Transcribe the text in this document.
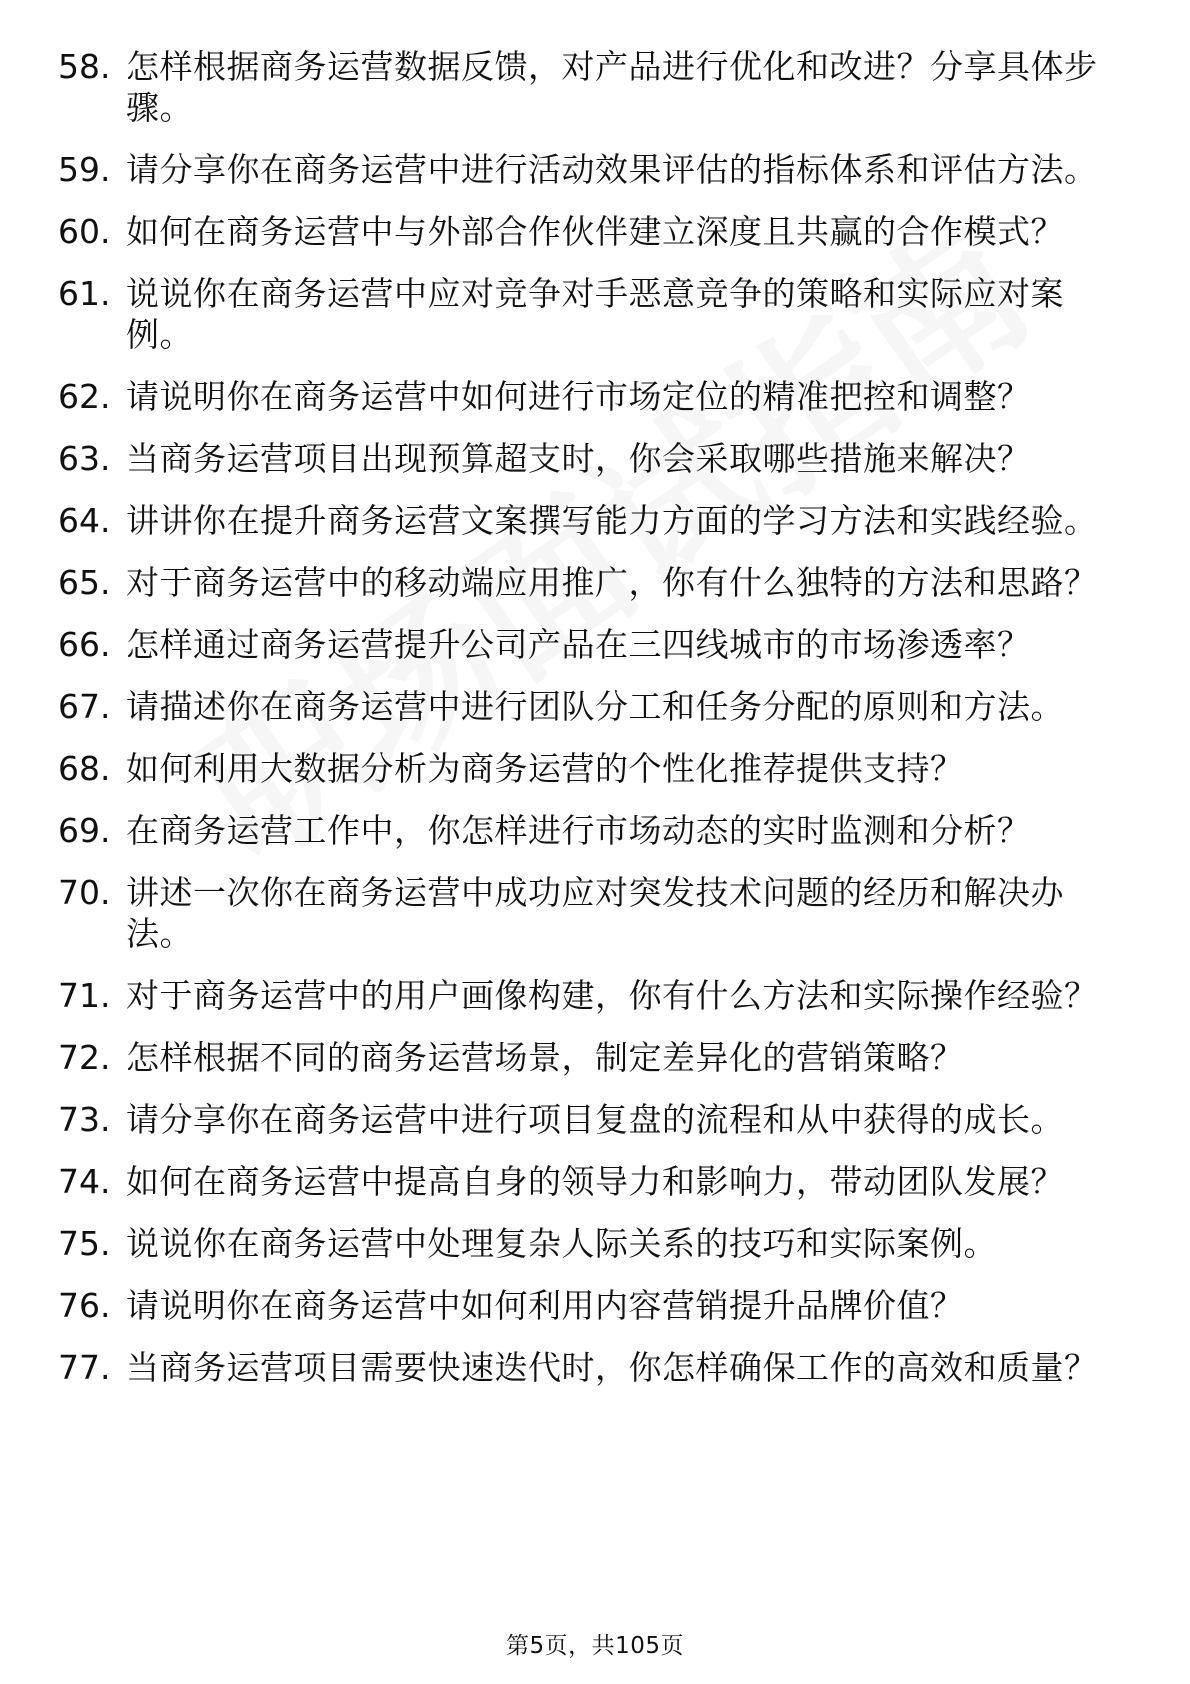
58. 怎样根据商务运营数据反馈，对产品进行优化和改进？分享具体步骤。
59. 请分享你在商务运营中进行活动效果评估的指标体系和评估方法。
60. 如何在商务运营中与外部合作伙伴建立深度且共赢的合作模式？
61. 说说你在商务运营中应对竞争对手恶意竞争的策略和实际应对案例。
62. 请说明你在商务运营中如何进行市场定位的精准把控和调整？
63. 当商务运营项目出现预算超支时，你会采取哪些措施来解决？
64. 讲讲你在提升商务运营文案撰写能力方面的学习方法和实践经验。
65. 对于商务运营中的移动端应用推广，你有什么独特的方法和思路？
66. 怎样通过商务运营提升公司产品在三四线城市的市场渗透率？
67. 请描述你在商务运营中进行团队分工和任务分配的原则和方法。
68. 如何利用大数据分析为商务运营的个性化推荐提供支持？
69. 在商务运营工作中，你怎样进行市场动态的实时监测和分析？
70. 讲述一次你在商务运营中成功应对突发技术问题的经历和解决办法。
71. 对于商务运营中的用户画像构建，你有什么方法和实际操作经验？
72. 怎样根据不同的商务运营场景，制定差异化的营销策略？
73. 请分享你在商务运营中进行项目复盘的流程和从中获得的成长。
74. 如何在商务运营中提高自身的领导力和影响力，带动团队发展？
75. 说说你在商务运营中处理复杂人际关系的技巧和实际案例。
76. 请说明你在商务运营中如何利用内容营销提升品牌价值？
77. 当商务运营项目需要快速迭代时，你怎样确保工作的高效和质量？
第5页，共105页
